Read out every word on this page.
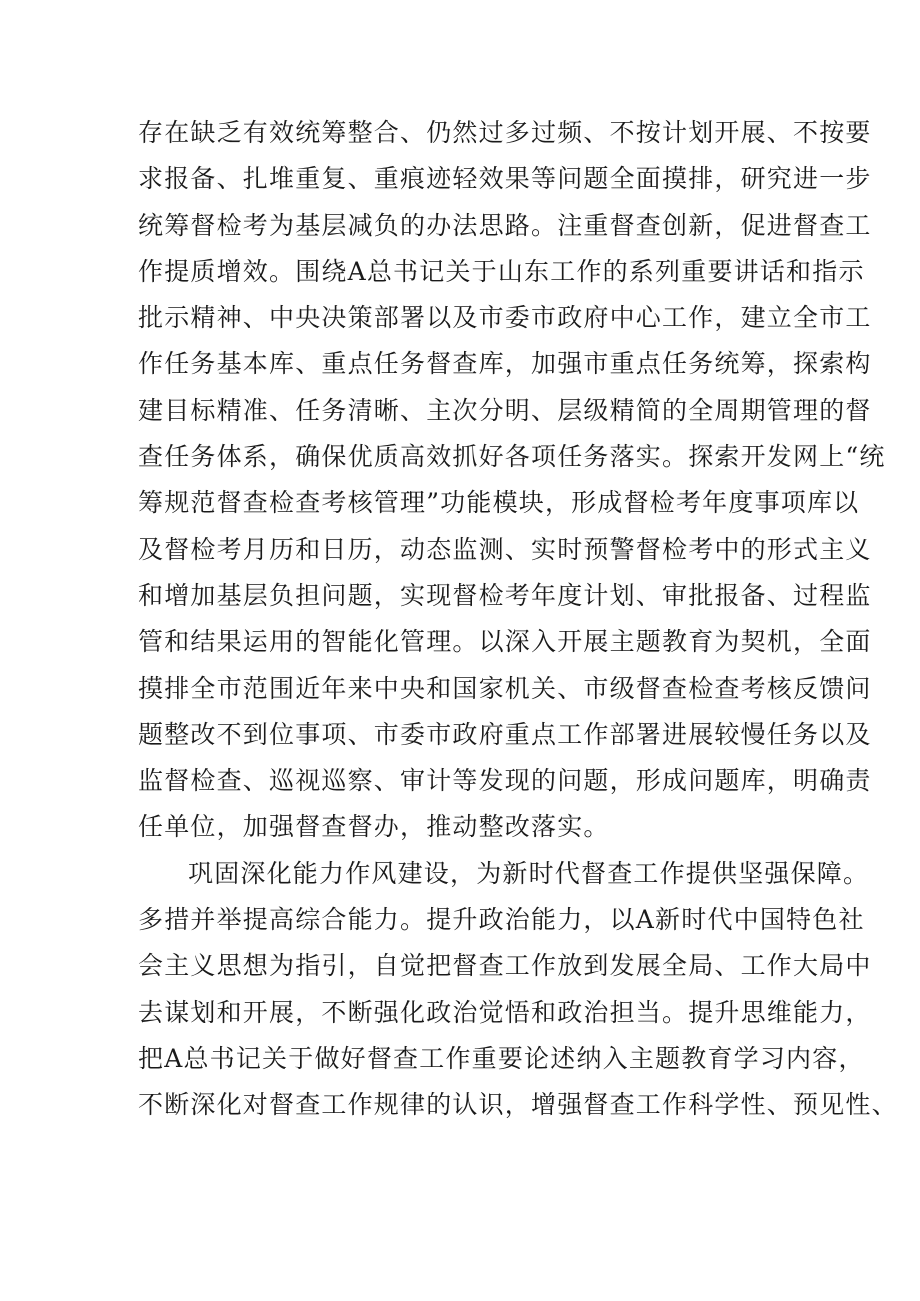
存在缺乏有效统筹整合、仍然过多过频、不按计划开展、不按要
求报备、扎堆重复、重痕迹轻效果等问题全面摸排，研究进一步
统筹督检考为基层减负的办法思路。注重督查创新，促进督查工
作提质增效。围绕A总书记关于山东工作的系列重要讲话和指示
批示精神、中央决策部署以及市委市政府中心工作，建立全市工
作任务基本库、重点任务督查库，加强市重点任务统筹，探索构
建目标精准、任务清晰、主次分明、层级精简的全周期管理的督
查任务体系，确保优质高效抓好各项任务落实。探索开发网上“统
筹规范督查检查考核管理”功能模块，形成督检考年度事项库以
及督检考月历和日历，动态监测、实时预警督检考中的形式主义
和增加基层负担问题，实现督检考年度计划、审批报备、过程监
管和结果运用的智能化管理。以深入开展主题教育为契机，全面
摸排全市范围近年来中央和国家机关、市级督查检查考核反馈问
题整改不到位事项、市委市政府重点工作部署进展较慢任务以及
监督检查、巡视巡察、审计等发现的问题，形成问题库，明确责
任单位，加强督查督办，推动整改落实。
巩固深化能力作风建设，为新时代督查工作提供坚强保障。
多措并举提高综合能力。提升政治能力，以A新时代中国特色社
会主义思想为指引，自觉把督查工作放到发展全局、工作大局中
去谋划和开展，不断强化政治觉悟和政治担当。提升思维能力，
把A总书记关于做好督查工作重要论述纳入主题教育学习内容，
不断深化对督查工作规律的认识，增强督查工作科学性、预见性、
